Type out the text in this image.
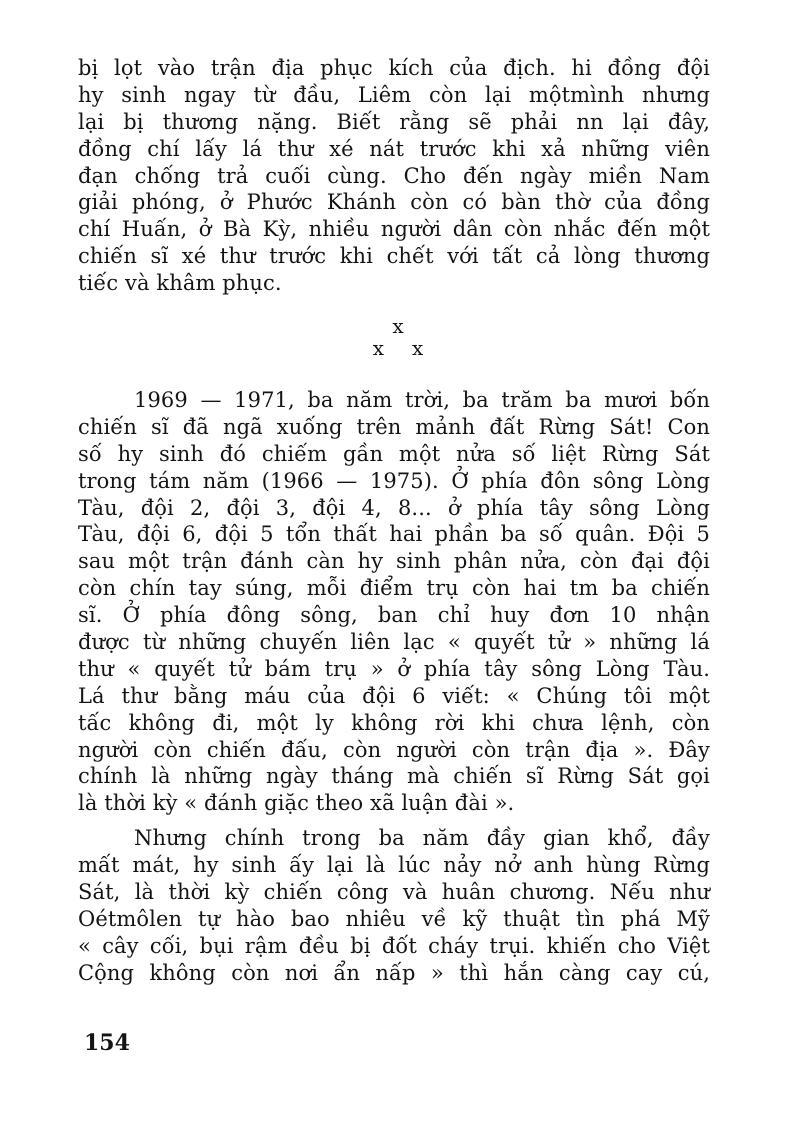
bị lọt vào trận địa phục kích của địch. hi đồng đội
hy sinh ngay từ đầu, Liêm còn lại mộtmình nhưng
lại bị thương nặng. Biết rằng sẽ phải nn lại đây,
đồng chí lấy lá thư xé nát trước khi xả những viên
đạn chống trả cuối cùng. Cho đến ngày miền Nam
giải phóng, ở Phước Khánh còn có bàn thờ của đồng
chí Huấn, ở Bà Kỳ, nhiều người dân còn nhắc đến một
chiến sĩ xé thư trước khi chết với tất cả lòng thương
tiếc và khâm phục.
x
x x
1969 — 1971, ba năm trời, ba trăm ba mươi bốn
chiến sĩ đã ngã xuống trên mảnh đất Rừng Sát! Con
số hy sinh đó chiếm gần một nửa số liệt Rừng Sát
trong tám năm (1966 — 1975). Ở phía đôn sông Lòng
Tàu, đội 2, đội 3, đội 4, 8... ở phía tây sông Lòng
Tàu, đội 6, đội 5 tổn thất hai phần ba số quân. Đội 5
sau một trận đánh càn hy sinh phân nửa, còn đại đội
còn chín tay súng, mỗi điểm trụ còn hai tm ba chiến
sĩ. Ở phía đông sông, ban chỉ huy đơn 10 nhận
được từ những chuyến liên lạc « quyết tử » những lá
thư « quyết tử bám trụ » ở phía tây sông Lòng Tàu.
Lá thư bằng máu của đội 6 viết: « Chúng tôi một
tấc không đi, một ly không rời khi chưa lệnh, còn
người còn chiến đấu, còn người còn trận địa ». Đây
chính là những ngày tháng mà chiến sĩ Rừng Sát gọi
là thời kỳ « đánh giặc theo xã luận đài ».
Nhưng chính trong ba năm đầy gian khổ, đầy
mất mát, hy sinh ấy lại là lúc nảy nở anh hùng Rừng
Sát, là thời kỳ chiến công và huân chương. Nếu như
Oétmôlen tự hào bao nhiêu về kỹ thuật tìn phá Mỹ
« cây cối, bụi rậm đều bị đốt cháy trụi. khiến cho Việt
Cộng không còn nơi ẩn nấp » thì hắn càng cay cú,
154
